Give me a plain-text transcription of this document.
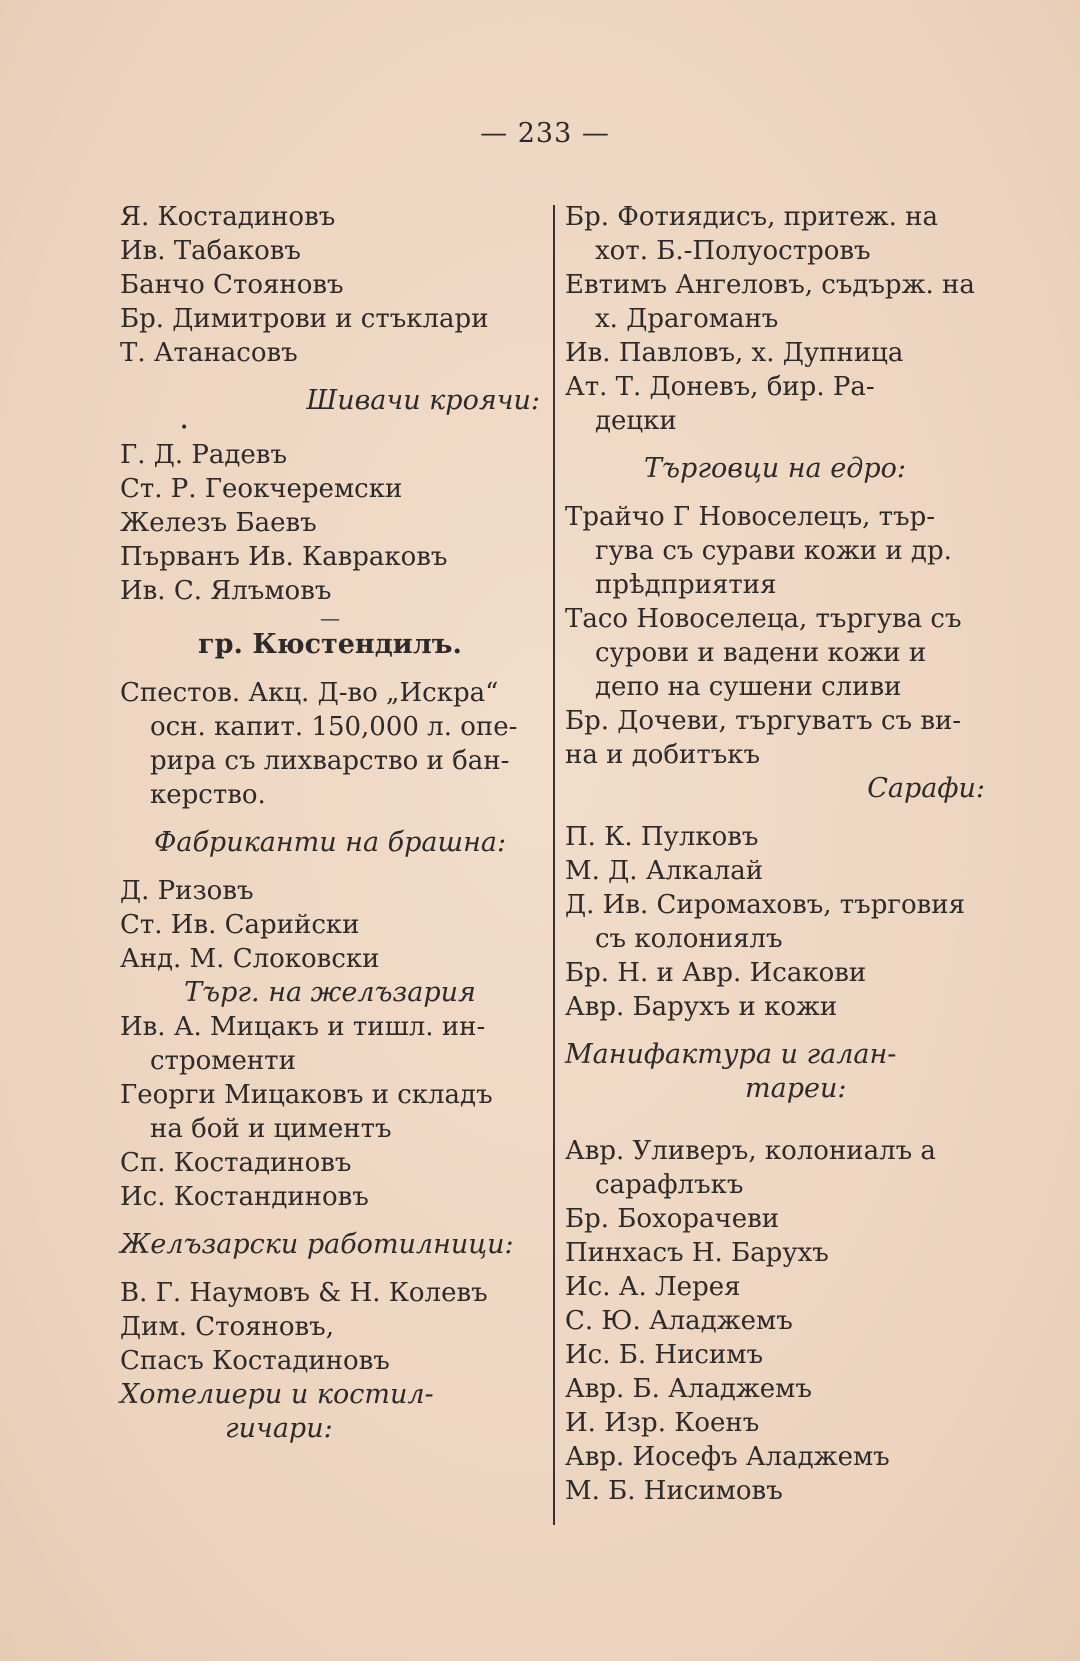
— 233 —
Я. Костадиновъ
Ив. Табаковъ
Банчо Стояновъ
Бр. Димитрови и стъклари
Т. Атанасовъ
Шивачи кроячи:
•
Г. Д. Радевъ
Ст. Р. Геокчеремски
Железъ Баевъ
Първанъ Ив. Кавраковъ
Ив. С. Ялъмовъ
—
гр. Кюстендилъ.
Спестов. Акц. Д-во „Искра“
осн. капит. 150,000 л. опе-
рира съ лихварство и бан-
керство.
Фабриканти на брашна:
Д. Ризовъ
Ст. Ив. Сарийски
Анд. М. Слоковски
Тъpг. на желъзария
Ив. А. Мицакъ и тишл. ин-
стpoменти
Георги Мицаковъ и складъ
на бой и циментъ
Сп. Костадиновъ
Ис. Костандиновъ
Желъзарски работилници:
В. Г. Наумовъ & Н. Колевъ
Дим. Стояновъ,
Спасъ Костадиновъ
Хотелиери и костил-
гичари:
Бр. Фотиядисъ, притеж. на
хот. Б.-Полуостровъ
Евтимъ Ангеловъ, съдърж. на
х. Драгоманъ
Ив. Павловъ, х. Дупница
Ат. Т. Доневъ, бир. Ра-
децки
Търговци на едро:
Трайчо Г Новоселецъ, тър-
гува съ сурави кожи и др.
прѣдприятия
Тасо Новоселеца, търгува съ
сурови и вадени кожи и
депо на сушени сливи
Бр. Дочеви, търгуватъ съ ви-
на и добитъкъ
Сарафи:
П. К. Пулковъ
М. Д. Алкалай
Д. Ив. Сиромаховъ, търговия
съ колониялъ
Бр. Н. и Авр. Исакови
Авр. Барухъ и кожи
Манифактура и галан-
тареи:
Авр. Уливеръ, колониалъ а
сарафлъкъ
Бр. Бохорачеви
Пинхасъ Н. Барухъ
Ис. А. Лерея
С. Ю. Аладжемъ
Ис. Б. Нисимъ
Авр. Б. Аладжемъ
И. Изр. Коенъ
Авр. Иосефъ Аладжемъ
М. Б. Нисимовъ
